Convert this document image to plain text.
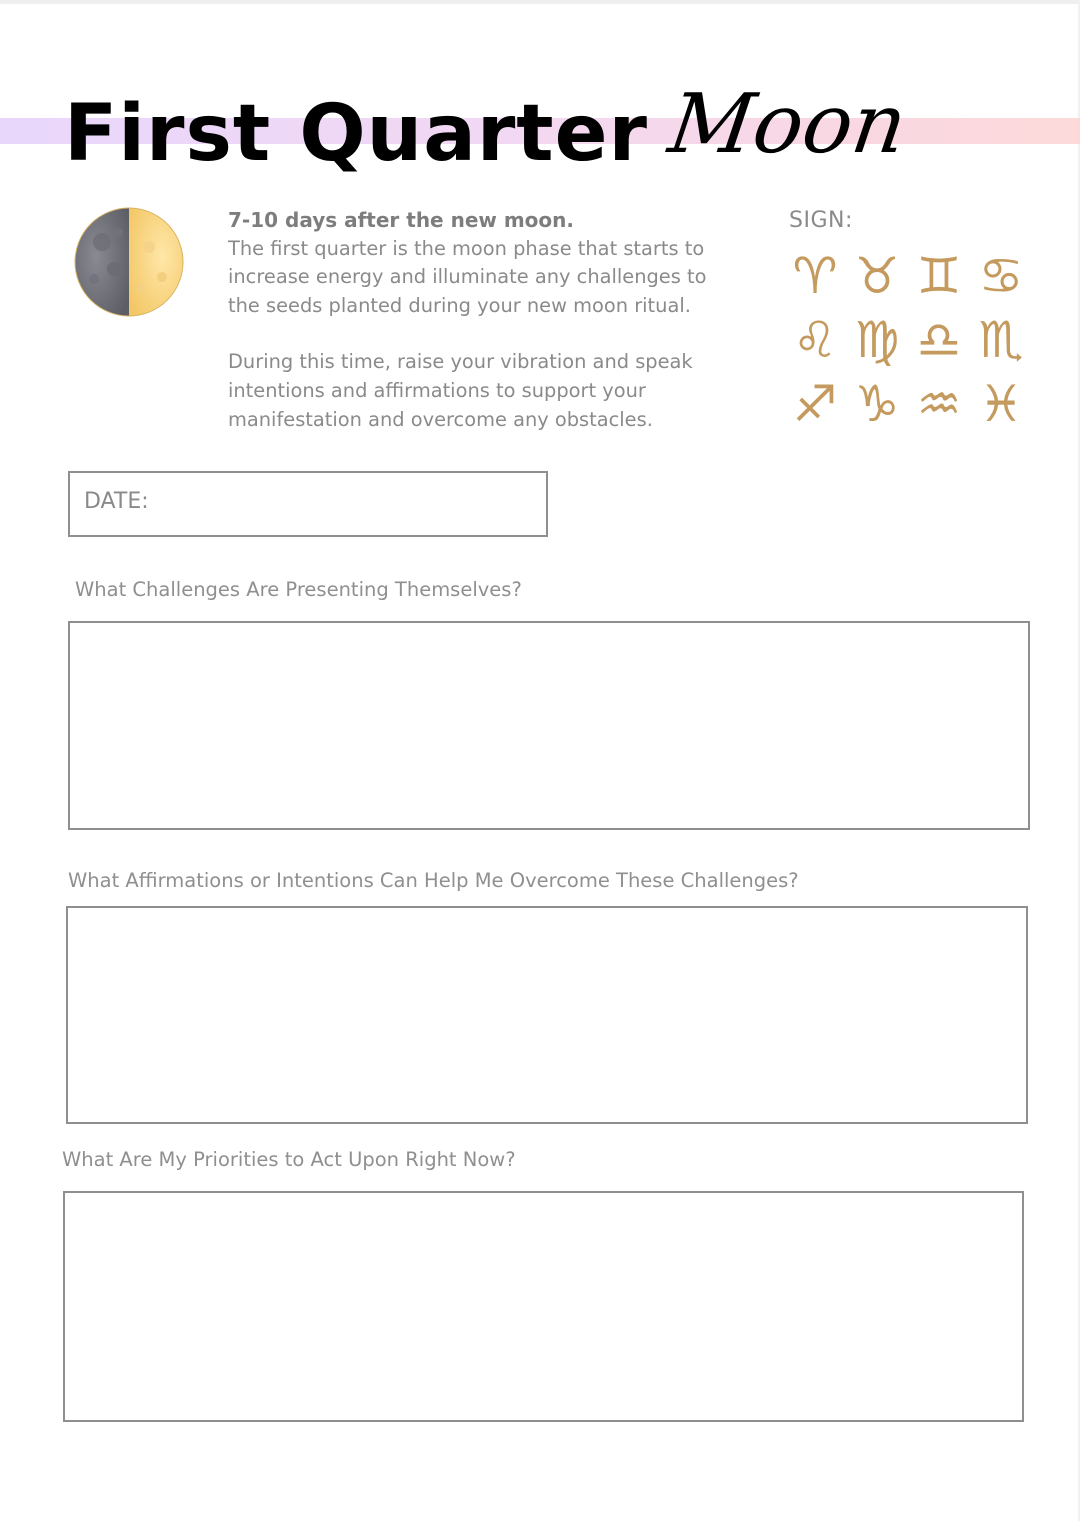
First Quarter Moon

7-10 days after the new moon.

The first quarter is the moon phase that starts to
increase energy and illuminate any challenges to
the seeds planted during your new moon ritual.

During this time, raise your vibration and speak
intentions and affirmations to support your
manifestation and overcome any obstacles.

SIGN:
♈ ♉ ♊ ♋
♌ ♍ ♎ ♏
♐ ♑ ♒ ♓
DATE:
What Challenges Are Presenting Themselves?
What Affirmations or Intentions Can Help Me Overcome These Challenges?
What Are My Priorities to Act Upon Right Now?
